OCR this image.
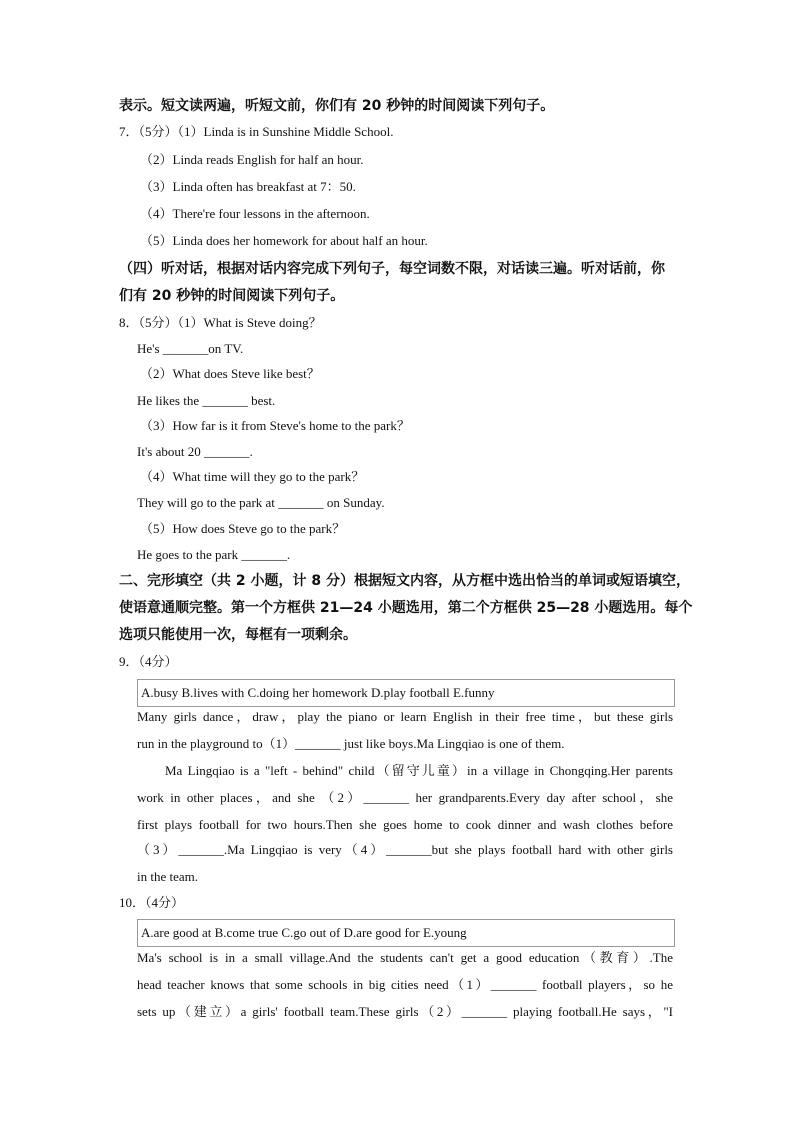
表示。短文读两遍，听短文前，你们有 20 秒钟的时间阅读下列句子。
7．（5分）（1）Linda is in Sunshine Middle School.
（2）Linda reads English for half an hour.
（3）Linda often has breakfast at 7：50.
（4）There're four lessons in the afternoon.
（5）Linda does her homework for about half an hour.
（四）听对话，根据对话内容完成下列句子，每空词数不限，对话读三遍。听对话前，你
们有 20 秒钟的时间阅读下列句子。
8．（5分）（1）What is Steve doing？
He's _______on TV.
（2）What does Steve like best？
He likes the _______ best.
（3）How far is it from Steve's home to the park？
It's about 20 _______.
（4）What time will they go to the park？
They will go to the park at _______ on Sunday.
（5）How does Steve go to the park？
He goes to the park _______.
二、完形填空（共 2 小题，计 8 分）根据短文内容，从方框中选出恰当的单词或短语填空，
使语意通顺完整。第一个方框供 21—24 小题选用，第二个方框供 25—28 小题选用。每个
选项只能使用一次，每框有一项剩余。
9．（4分）
A.busy B.lives with C.doing her homework D.play football E.funny
Many girls dance，draw，play the piano or learn English in their free time，but these girls
run in the playground to（1）_______ just like boys.Ma Lingqiao is one of them.
Ma Lingqiao is a "left - behind" child（留守儿童）in a village in Chongqing.Her parents
work in other places，and she （2）_______ her grandparents.Every day after school，she
first plays football for two hours.Then she goes home to cook dinner and wash clothes before
（3）_______.Ma Lingqiao is very（4）_______but she plays football hard with other girls
in the team.
10．（4分）
A.are good at B.come true C.go out of D.are good for E.young
Ma's school is in a small village.And the students can't get a good education（教育）.The
head teacher knows that some schools in big cities need（1）_______ football players，so he
sets up（建立）a girls' football team.These girls（2）_______ playing football.He says，"I
